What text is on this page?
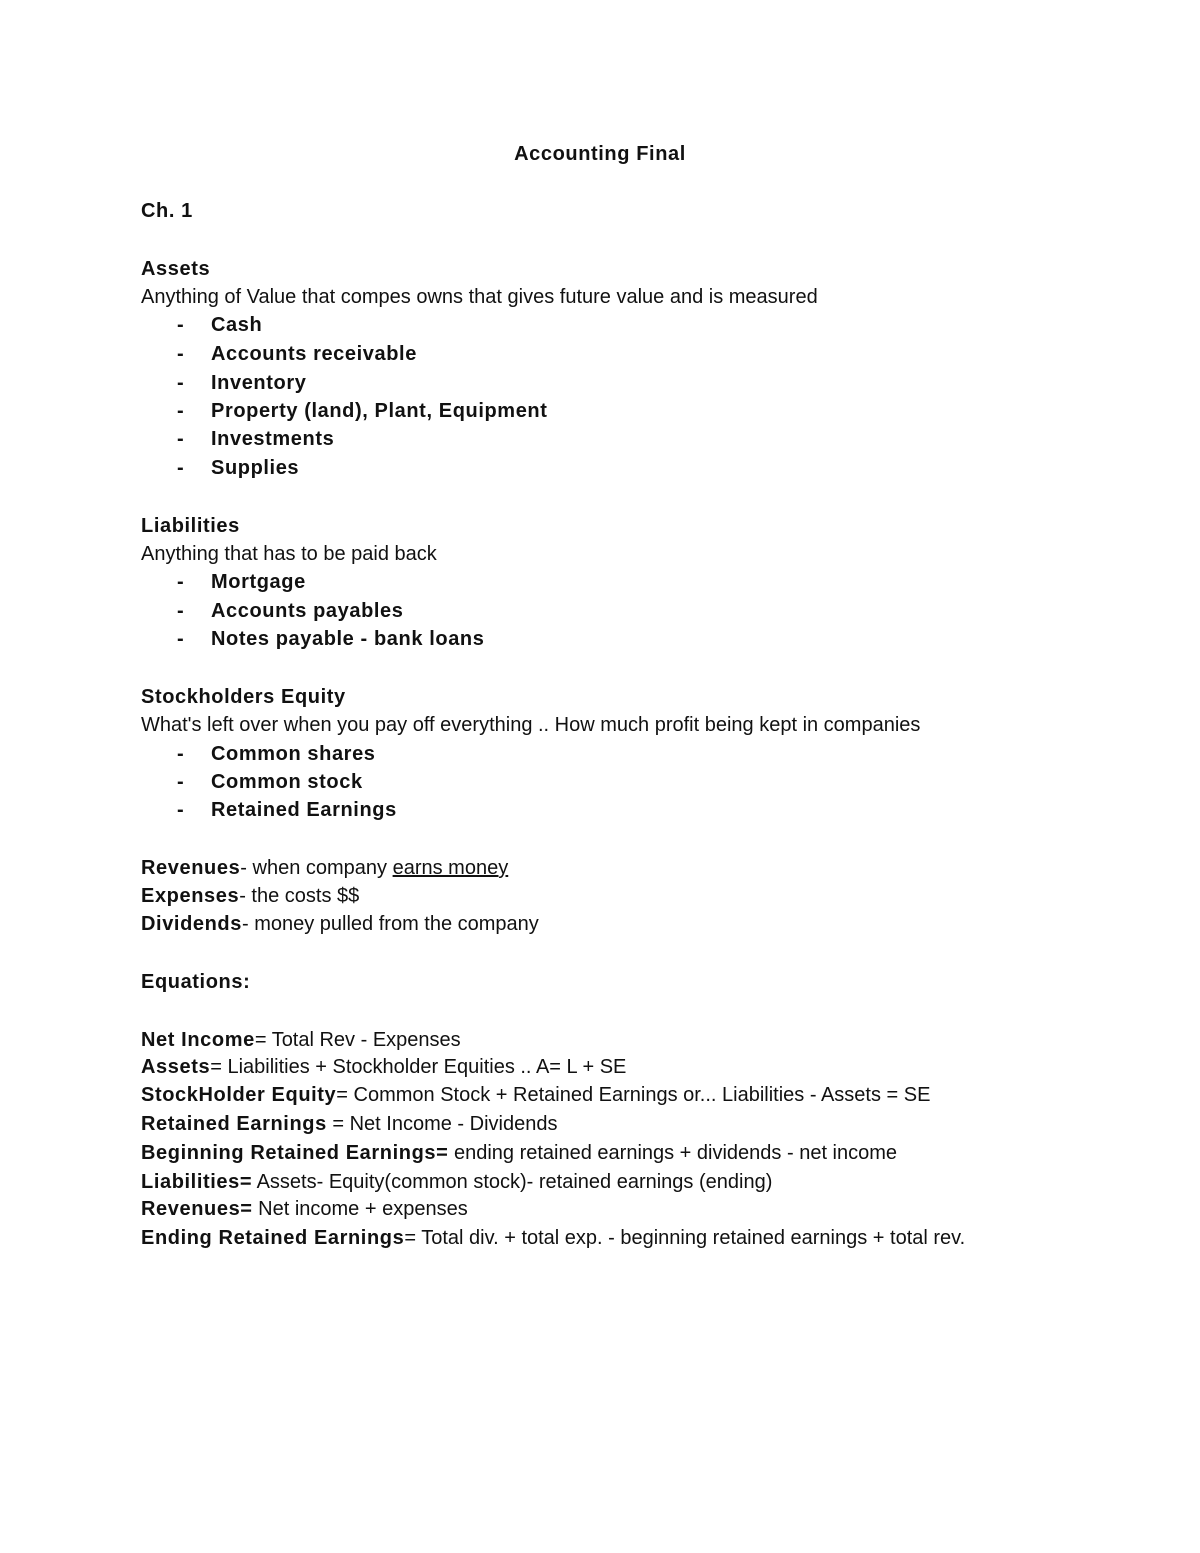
Accounting Final
Ch. 1
Assets
Anything of Value that compes owns that gives future value and is measured
- Cash
- Accounts receivable
- Inventory
- Property (land), Plant, Equipment
- Investments
- Supplies
Liabilities
Anything that has to be paid back
- Mortgage
- Accounts payables
- Notes payable - bank loans
Stockholders Equity
What's left over when you pay off everything .. How much profit being kept in companies
- Common shares
- Common stock
- Retained Earnings
Revenues- when company earns money
Expenses- the costs $$
Dividends- money pulled from the company
Equations:
Net Income= Total Rev - Expenses
Assets= Liabilities + Stockholder Equities .. A= L + SE
StockHolder Equity= Common Stock + Retained Earnings or... Liabilities - Assets = SE
Retained Earnings = Net Income - Dividends
Beginning Retained Earnings= ending retained earnings + dividends - net income
Liabilities= Assets- Equity(common stock)- retained earnings (ending)
Revenues= Net income + expenses
Ending Retained Earnings= Total div. + total exp. - beginning retained earnings + total rev.
